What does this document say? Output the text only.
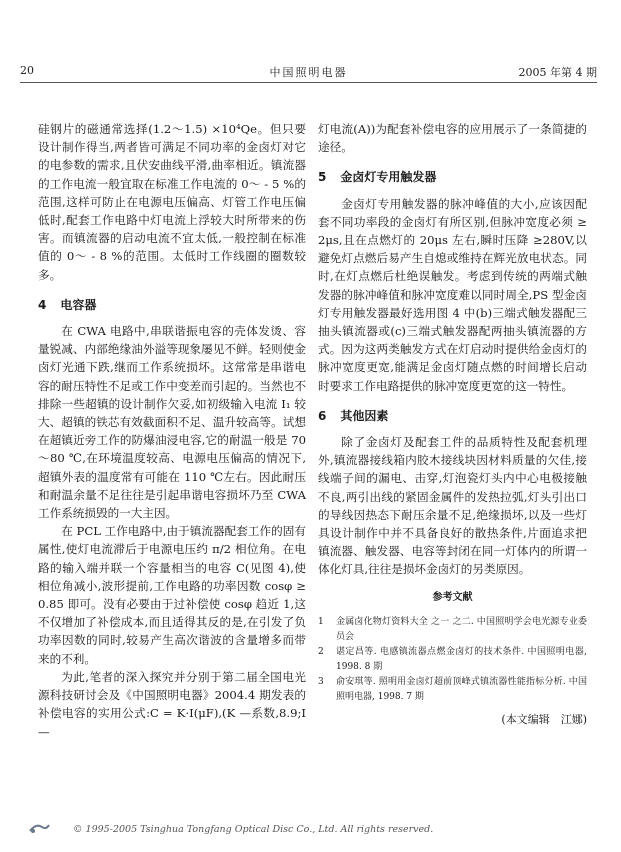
20	中国照明电器	2005 年第 4 期

硅钢片的磁通常选择(1.2～1.5) ×10⁴Qe。但只要设计制作得当,两者皆可满足不同功率的金卤灯对它的电参数的需求,且伏安曲线平滑,曲率相近。镇流器的工作电流一般宜取在标准工作电流的 0～ - 5 %的范围,这样可防止在电源电压偏高、灯管工作电压偏低时,配套工作电路中灯电流上浮较大时所带来的伤害。而镇流器的启动电流不宜太低,一般控制在标准值的 0～ - 8 %的范围。太低时工作线圈的圈数较多。

4 电容器

在 CWA 电路中,串联谐振电容的壳体发烫、容量锐减、内部绝缘油外溢等现象屡见不鲜。轻则使金卤灯光通下跌,继而工作系统损坏。这常常是串谐电容的耐压特性不足或工作中变差而引起的。当然也不排除一些超镇的设计制作欠妥,如初级输入电流 I₁ 较大、超镇的铁芯有效截面积不足、温升较高等。试想在超镇近旁工作的防爆油浸电容,它的耐温一般是 70～80 ℃,在环境温度较高、电源电压偏高的情况下,超镇外表的温度常有可能在 110 ℃左右。因此耐压和耐温余量不足往往是引起串谐电容损坏乃至 CWA 工作系统损毁的一大主因。

在 PCL 工作电路中,由于镇流器配套工作的固有属性,使灯电流滞后于电源电压约 π/2 相位角。在电路的输入端并联一个容量相当的电容 C(见图 4),使相位角减小,波形提前,工作电路的功率因数 cosφ ≥ 0.85 即可。没有必要由于过补偿使 cosφ 趋近 1,这不仅增加了补偿成本,而且适得其反的是,在引发了负功率因数的同时,较易产生高次谐波的含量增多而带来的不利。

为此,笔者的深入探究并分别于第二届全国电光源科技研讨会及《中国照明电器》2004.4 期发表的补偿电容的实用公式:C = K·I(μF),(K —系数,8.9;I —

灯电流(A))为配套补偿电容的应用展示了一条简捷的途径。

5 金卤灯专用触发器

金卤灯专用触发器的脉冲峰值的大小,应该因配套不同功率段的金卤灯有所区别,但脉冲宽度必须 ≥ 2μs,且在点燃灯的 20μs 左右,瞬时压降 ≥280V,以避免灯点燃后易产生自熄或维持在辉光放电状态。同时,在灯点燃后杜绝误触发。考虑到传统的两端式触发器的脉冲峰值和脉冲宽度难以同时周全,PS 型金卤灯专用触发器最好选用图 4 中(b)三端式触发器配三抽头镇流器或(c)三端式触发器配两抽头镇流器的方式。因为这两类触发方式在灯启动时提供给金卤灯的脉冲宽度更宽,能满足金卤灯随点燃的时间增长启动时要求工作电路提供的脉冲宽度更宽的这一特性。

6 其他因素

除了金卤灯及配套工件的品质特性及配套机理外,镇流器接线箱内胶木接线块因材料质量的欠佳,接线端子间的漏电、击穿,灯泡瓷灯头内中心电极接触不良,两引出线的紧固金属件的发热拉弧,灯头引出口的导线因热态下耐压余量不足,绝缘损坏,以及一些灯具设计制作中并不具备良好的散热条件,片面追求把镇流器、触发器、电容等封闭在同一灯体内的所谓一体化灯具,往往是损坏金卤灯的另类原因。

参考文献
1	金属卤化物灯资料大全 之一 之二. 中国照明学会电光源专业委员会
2	谌定昌等. 电感镇流器点燃金卤灯的技术条件. 中国照明电器, 1998. 8 期
3	俞安琪等. 照明用金卤灯超前顶峰式镇流器性能指标分析. 中国照明电器, 1998. 7 期
(本文编辑　江娜)
© 1995-2005 Tsinghua Tongfang Optical Disc Co., Ltd. All rights reserved.
